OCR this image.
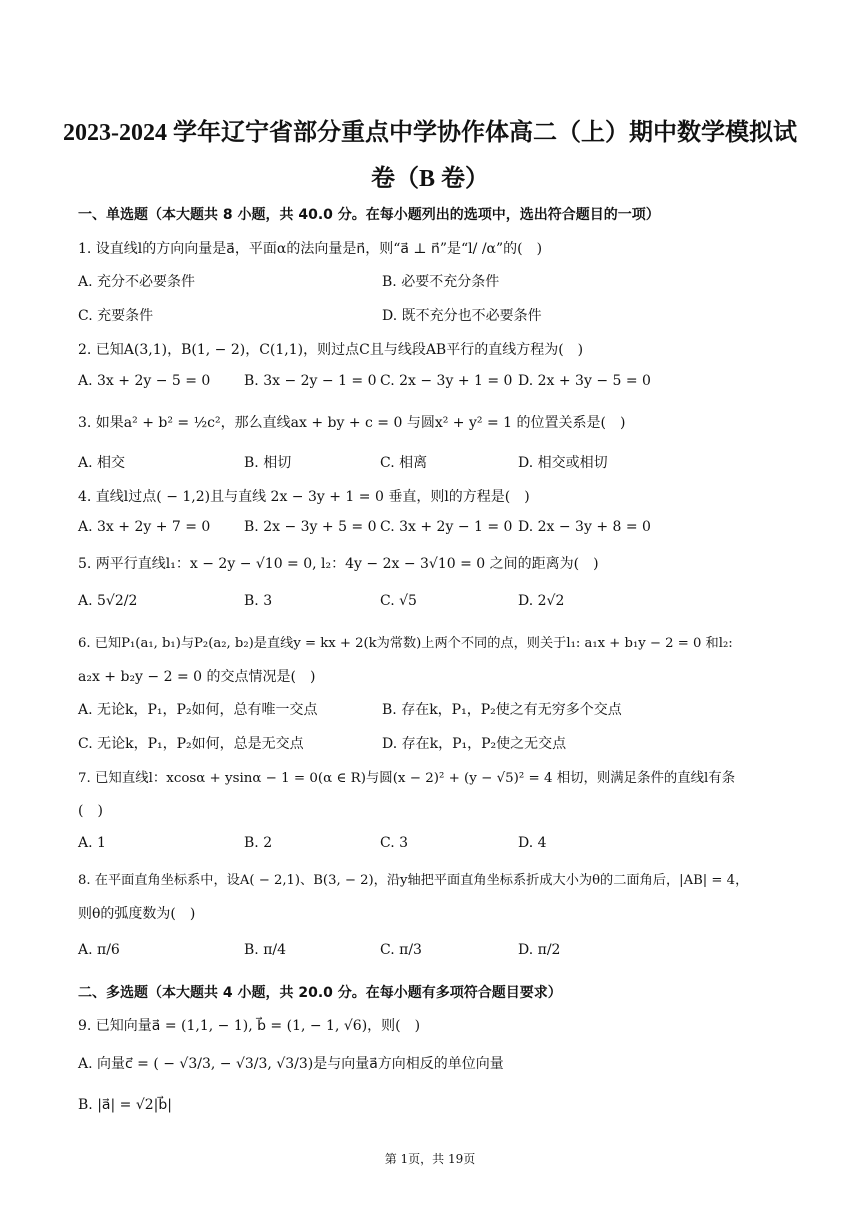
2023-2024 学年辽宁省部分重点中学协作体高二（上）期中数学模拟试
卷（B 卷）
一、单选题（本大题共 8 小题，共 40.0 分。在每小题列出的选项中，选出符合题目的一项）
1. 设直线l的方向向量是a⃗，平面α的法向量是n⃗，则“a⃗ ⊥ n⃗”是“l/ /α”的(　)
A. 充分不必要条件	B. 必要不充分条件
C. 充要条件	D. 既不充分也不必要条件
2. 已知A(3,1)，B(1, − 2)，C(1,1)，则过点C且与线段AB平行的直线方程为(　)
A. 3x + 2y − 5 = 0 B. 3x − 2y − 1 = 0 C. 2x − 3y + 1 = 0 D. 2x + 3y − 5 = 0
3. 如果a² + b² = ½c²，那么直线ax + by + c = 0 与圆x² + y² = 1 的位置关系是(　)
A. 相交	B. 相切	C. 相离	D. 相交或相切
4. 直线l过点( − 1,2)且与直线 2x − 3y + 1 = 0 垂直，则l的方程是(　)
A. 3x + 2y + 7 = 0 B. 2x − 3y + 5 = 0 C. 3x + 2y − 1 = 0 D. 2x − 3y + 8 = 0
5. 两平行直线l₁：x − 2y − √10 = 0, l₂：4y − 2x − 3√10 = 0 之间的距离为(　)
A. 5√2/2	B. 3	C. √5	D. 2√2
6. 已知P₁(a₁, b₁)与P₂(a₂, b₂)是直线y = kx + 2(k为常数)上两个不同的点，则关于l₁: a₁x + b₁y − 2 = 0 和l₂:
a₂x + b₂y − 2 = 0 的交点情况是(　)
A. 无论k，P₁，P₂如何，总有唯一交点	B. 存在k，P₁，P₂使之有无穷多个交点
C. 无论k，P₁，P₂如何，总是无交点	D. 存在k，P₁，P₂使之无交点
7. 已知直线l：xcosα + ysinα − 1 = 0(α ∈ R)与圆(x − 2)² + (y − √5)² = 4 相切，则满足条件的直线l有条
(　)
A. 1	B. 2	C. 3	D. 4
8. 在平面直角坐标系中，设A( − 2,1)、B(3, − 2)，沿y轴把平面直角坐标系折成大小为θ的二面角后，|AB| = 4，
则θ的弧度数为(　)
A. π/6	B. π/4	C. π/3	D. π/2
二、多选题（本大题共 4 小题，共 20.0 分。在每小题有多项符合题目要求）
9. 已知向量a⃗ = (1,1, − 1), b⃗ = (1, − 1, √6)，则(　)
A. 向量c⃗ = ( − √3/3, − √3/3, √3/3)是与向量a⃗方向相反的单位向量
B. |a⃗| = √2|b⃗|
第 1页，共 19页
